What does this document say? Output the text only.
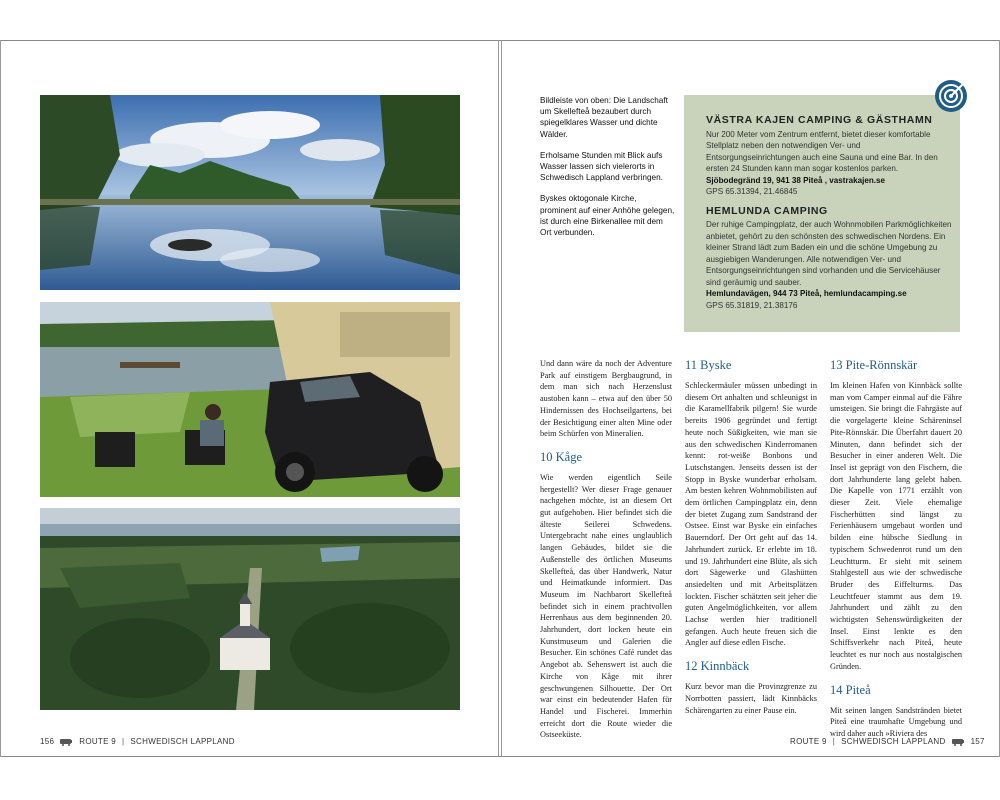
Bildleiste von oben: Die Landschaft um Skellefteå bezaubert durch spiegelklares Wasser und dichte Wälder.

Erholsame Stunden mit Blick aufs Wasser lassen sich vielerorts in Schwedisch Lappland verbringen.

Byskes oktogonale Kirche, prominent auf einer Anhöhe gelegen, ist durch eine Birkenallee mit dem Ort verbunden.

VÄSTRA KAJEN CAMPING & GÄSTHAMN
Nur 200 Meter vom Zentrum entfernt, bietet dieser komfortable Stellplatz neben den notwendigen Ver- und Entsorgungseinrichtungen auch eine Sauna und eine Bar. In den ersten 24 Stunden kann man sogar kostenlos parken.
Sjöbodegränd 19, 941 38 Piteå , vastrakajen.se
GPS 65.31394, 21.46845
HEMLUNDA CAMPING
Der ruhige Campingplatz, der auch Wohnmobilen Parkmöglichkeiten anbietet, gehört zu den schönsten des schwedischen Nordens. Ein kleiner Strand lädt zum Baden ein und die schöne Umgebung zu ausgiebigen Wanderungen. Alle notwendigen Ver- und Entsorgungseinrichtungen sind vorhanden und die Servicehäuser sind geräumig und sauber.
Hemlundavägen, 944 73 Piteå, hemlundacamping.se
GPS 65.31819, 21.38176

Und dann wäre da noch der Adventure Park auf einstigem Bergbaugrund, in dem man sich nach Herzenslust austoben kann – etwa auf den über 50 Hindernissen des Hochseilgartens, bei der Besichtigung einer alten Mine oder beim Schürfen von Mineralien.

10 Kåge

Wie werden eigentlich Seile hergestellt? Wer dieser Frage genauer nachgehen möchte, ist an diesem Ort gut aufgehoben. Hier befindet sich die älteste Seilerei Schwedens. Untergebracht nahe eines unglaublich langen Gebäudes, bildet sie die Außenstelle des örtlichen Museums Skellefteå, das über Handwerk, Natur und Heimatkunde informiert. Das Museum im Nachbarort Skellefteå befindet sich in einem prachtvollen Herrenhaus aus dem beginnenden 20. Jahrhundert, dort locken heute ein Kunstmuseum und Galerien die Besucher. Ein schönes Café rundet das Angebot ab. Sehenswert ist auch die Kirche von Kåge mit ihrer geschwungenen Silhouette. Der Ort war einst ein bedeutender Hafen für Handel und Fischerei. Immerhin erreicht dort die Route wieder die Ostseeküste.

11 Byske

Schleckermäuler müssen unbedingt in diesem Ort anhalten und schleunigst in die Karamellfabrik pilgern! Sie wurde bereits 1906 gegründet und fertigt heute noch Süßigkeiten, wie man sie aus den schwedischen Kinderromanen kennt: rot-weiße Bonbons und Lutschstangen. Jenseits dessen ist der Stopp in Byske wunderbar erholsam. Am besten kehren Wohnmobilisten auf dem örtlichen Campingplatz ein, denn der bietet Zugang zum Sandstrand der Ostsee. Einst war Byske ein einfaches Bauerndorf. Der Ort geht auf das 14. Jahrhundert zurück. Er erlebte im 18. und 19. Jahrhundert eine Blüte, als sich dort Sägewerke und Glashütten ansiedelten und mit Arbeitsplätzen lockten. Fischer schätzten seit jeher die guten Angelmöglichkeiten, vor allem Lachse werden hier traditionell gefangen. Auch heute freuen sich die Angler auf diese edlen Fische.

12 Kinnbäck

Kurz bevor man die Provinzgrenze zu Norrbotten passiert, lädt Kinnbäcks Schärengarten zu einer Pause ein.

13 Pite-Rönnskär

Im kleinen Hafen von Kinnbäck sollte man vom Camper einmal auf die Fähre umsteigen. Sie bringt die Fahrgäste auf die vorgelagerte kleine Schäreninsel Pite-Rönnskär. Die Überfahrt dauert 20 Minuten, dann befindet sich der Besucher in einer anderen Welt. Die Insel ist geprägt von den Fischern, die dort Jahrhunderte lang gelebt haben. Die Kapelle von 1771 erzählt von dieser Zeit. Viele ehemalige Fischerhütten sind längst zu Ferienhäusern umgebaut worden und bilden eine hübsche Siedlung in typischem Schwedenrot rund um den Leuchtturm. Er sieht mit seinem Stahlgestell aus wie der schwedische Bruder des Eiffelturms. Das Leuchtfeuer stammt aus dem 19. Jahrhundert und zählt zu den wichtigsten Sehenswürdigkeiten der Insel. Einst lenkte es den Schiffsverkehr nach Piteå, heute leuchtet es nur noch aus nostalgischen Gründen.

14 Piteå

Mit seinen langen Sandstränden bietet Piteå eine traumhafte Umgebung und wird daher auch »Riviera des

156	ROUTE 9 | SCHWEDISCH LAPPLAND	ROUTE 9 | SCHWEDISCH LAPPLAND	157
